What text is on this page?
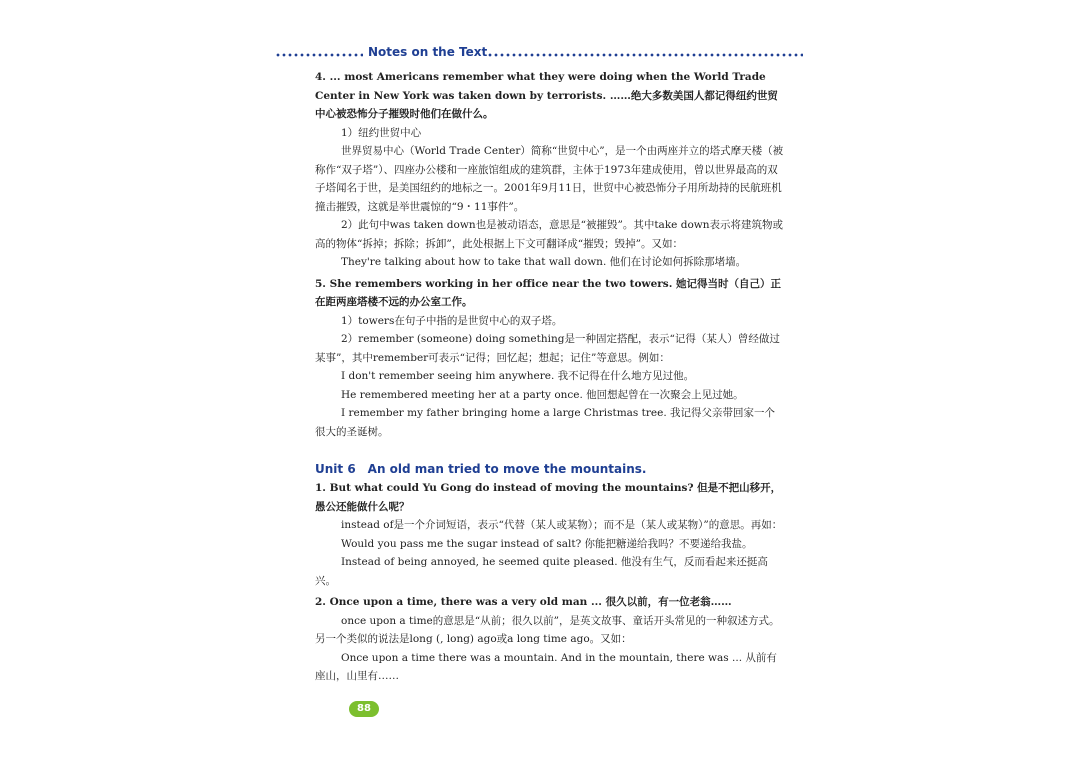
Notes on the Text

4. ... most Americans remember what they were doing when the World Trade Center in New York was taken down by terrorists. ……绝大多数美国人都记得纽约世贸中心被恐怖分子摧毁时他们在做什么。

1）纽约世贸中心

世界贸易中心（World Trade Center）简称“世贸中心”，是一个由两座并立的塔式摩天楼（被称作“双子塔”）、四座办公楼和一座旅馆组成的建筑群，主体于1973年建成使用，曾以世界最高的双子塔闻名于世，是美国纽约的地标之一。2001年9月11日，世贸中心被恐怖分子用所劫持的民航班机撞击摧毁，这就是举世震惊的“9・11事件”。

2）此句中was taken down也是被动语态，意思是“被摧毁”。其中take down表示将建筑物或高的物体“拆掉；拆除；拆卸”，此处根据上下文可翻译成“摧毁；毁掉”。又如：

They're talking about how to take that wall down. 他们在讨论如何拆除那堵墙。

5. She remembers working in her office near the two towers. 她记得当时（自己）正在距两座塔楼不远的办公室工作。

1）towers在句子中指的是世贸中心的双子塔。

2）remember (someone) doing something是一种固定搭配，表示“记得（某人）曾经做过某事”，其中remember可表示“记得；回忆起；想起；记住”等意思。例如：

I don't remember seeing him anywhere. 我不记得在什么地方见过他。

He remembered meeting her at a party once. 他回想起曾在一次聚会上见过她。

I remember my father bringing home a large Christmas tree. 我记得父亲带回家一个很大的圣诞树。

Unit 6 An old man tried to move the mountains.

1. But what could Yu Gong do instead of moving the mountains? 但是不把山移开，愚公还能做什么呢？

instead of是一个介词短语，表示“代替（某人或某物）；而不是（某人或某物）”的意思。再如：

Would you pass me the sugar instead of salt? 你能把糖递给我吗？不要递给我盐。

Instead of being annoyed, he seemed quite pleased. 他没有生气，反而看起来还挺高兴。

2. Once upon a time, there was a very old man ... 很久以前，有一位老翁……

once upon a time的意思是“从前；很久以前”，是英文故事、童话开头常见的一种叙述方式。另一个类似的说法是long (, long) ago或a long time ago。又如：

Once upon a time there was a mountain. And in the mountain, there was ... 从前有座山，山里有……

88
